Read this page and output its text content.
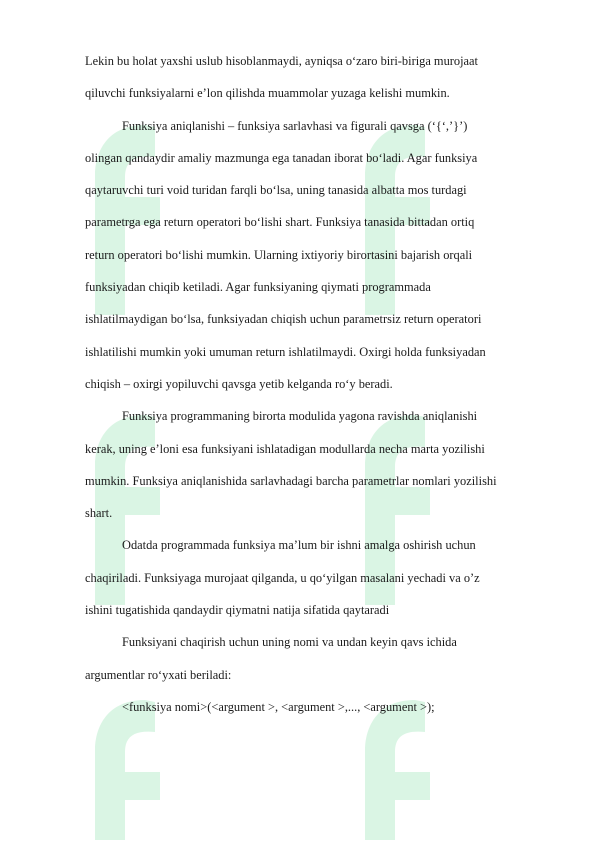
Lekin bu holat yaxshi uslub hisoblanmaydi, ayniqsa o‘zaro biri-biriga murojaat
qiluvchi funksiyalarni e’lon qilishda muammolar yuzaga kelishi mumkin.
Funksiya aniqlanishi – funksiya sarlavhasi va figurali qavsga (‘{‘,’}’)
olingan qandaydir amaliy mazmunga ega tanadan iborat bo‘ladi. Agar funksiya
qaytaruvchi turi void turidan farqli bo‘lsa, uning tanasida albatta mos turdagi
parametrga ega return operatori bo‘lishi shart. Funksiya tanasida bittadan ortiq
return operatori bo‘lishi mumkin. Ularning ixtiyoriy birortasini bajarish orqali
funksiyadan chiqib ketiladi. Agar funksiyaning qiymati programmada
ishlatilmaydigan bo‘lsa, funksiyadan chiqish uchun parametrsiz return operatori
ishlatilishi mumkin yoki umuman return ishlatilmaydi. Oxirgi holda funksiyadan
chiqish – oxirgi yopiluvchi qavsga yetib kelganda ro‘y beradi.
Funksiya programmaning birorta modulida yagona ravishda aniqlanishi
kerak, uning e’loni esa funksiyani ishlatadigan modullarda necha marta yozilishi
mumkin. Funksiya aniqlanishida sarlavhadagi barcha parametrlar nomlari yozilishi
shart.
Odatda programmada funksiya ma’lum bir ishni amalga oshirish uchun
chaqiriladi. Funksiyaga murojaat qilganda, u qo‘yilgan masalani yechadi va o’z
ishini tugatishida qandaydir qiymatni natija sifatida qaytaradi
Funksiyani chaqirish uchun uning nomi va undan keyin qavs ichida
argumentlar ro‘yxati beriladi:
<funksiya nomi>(<argument >, <argument >,..., <argument >);
